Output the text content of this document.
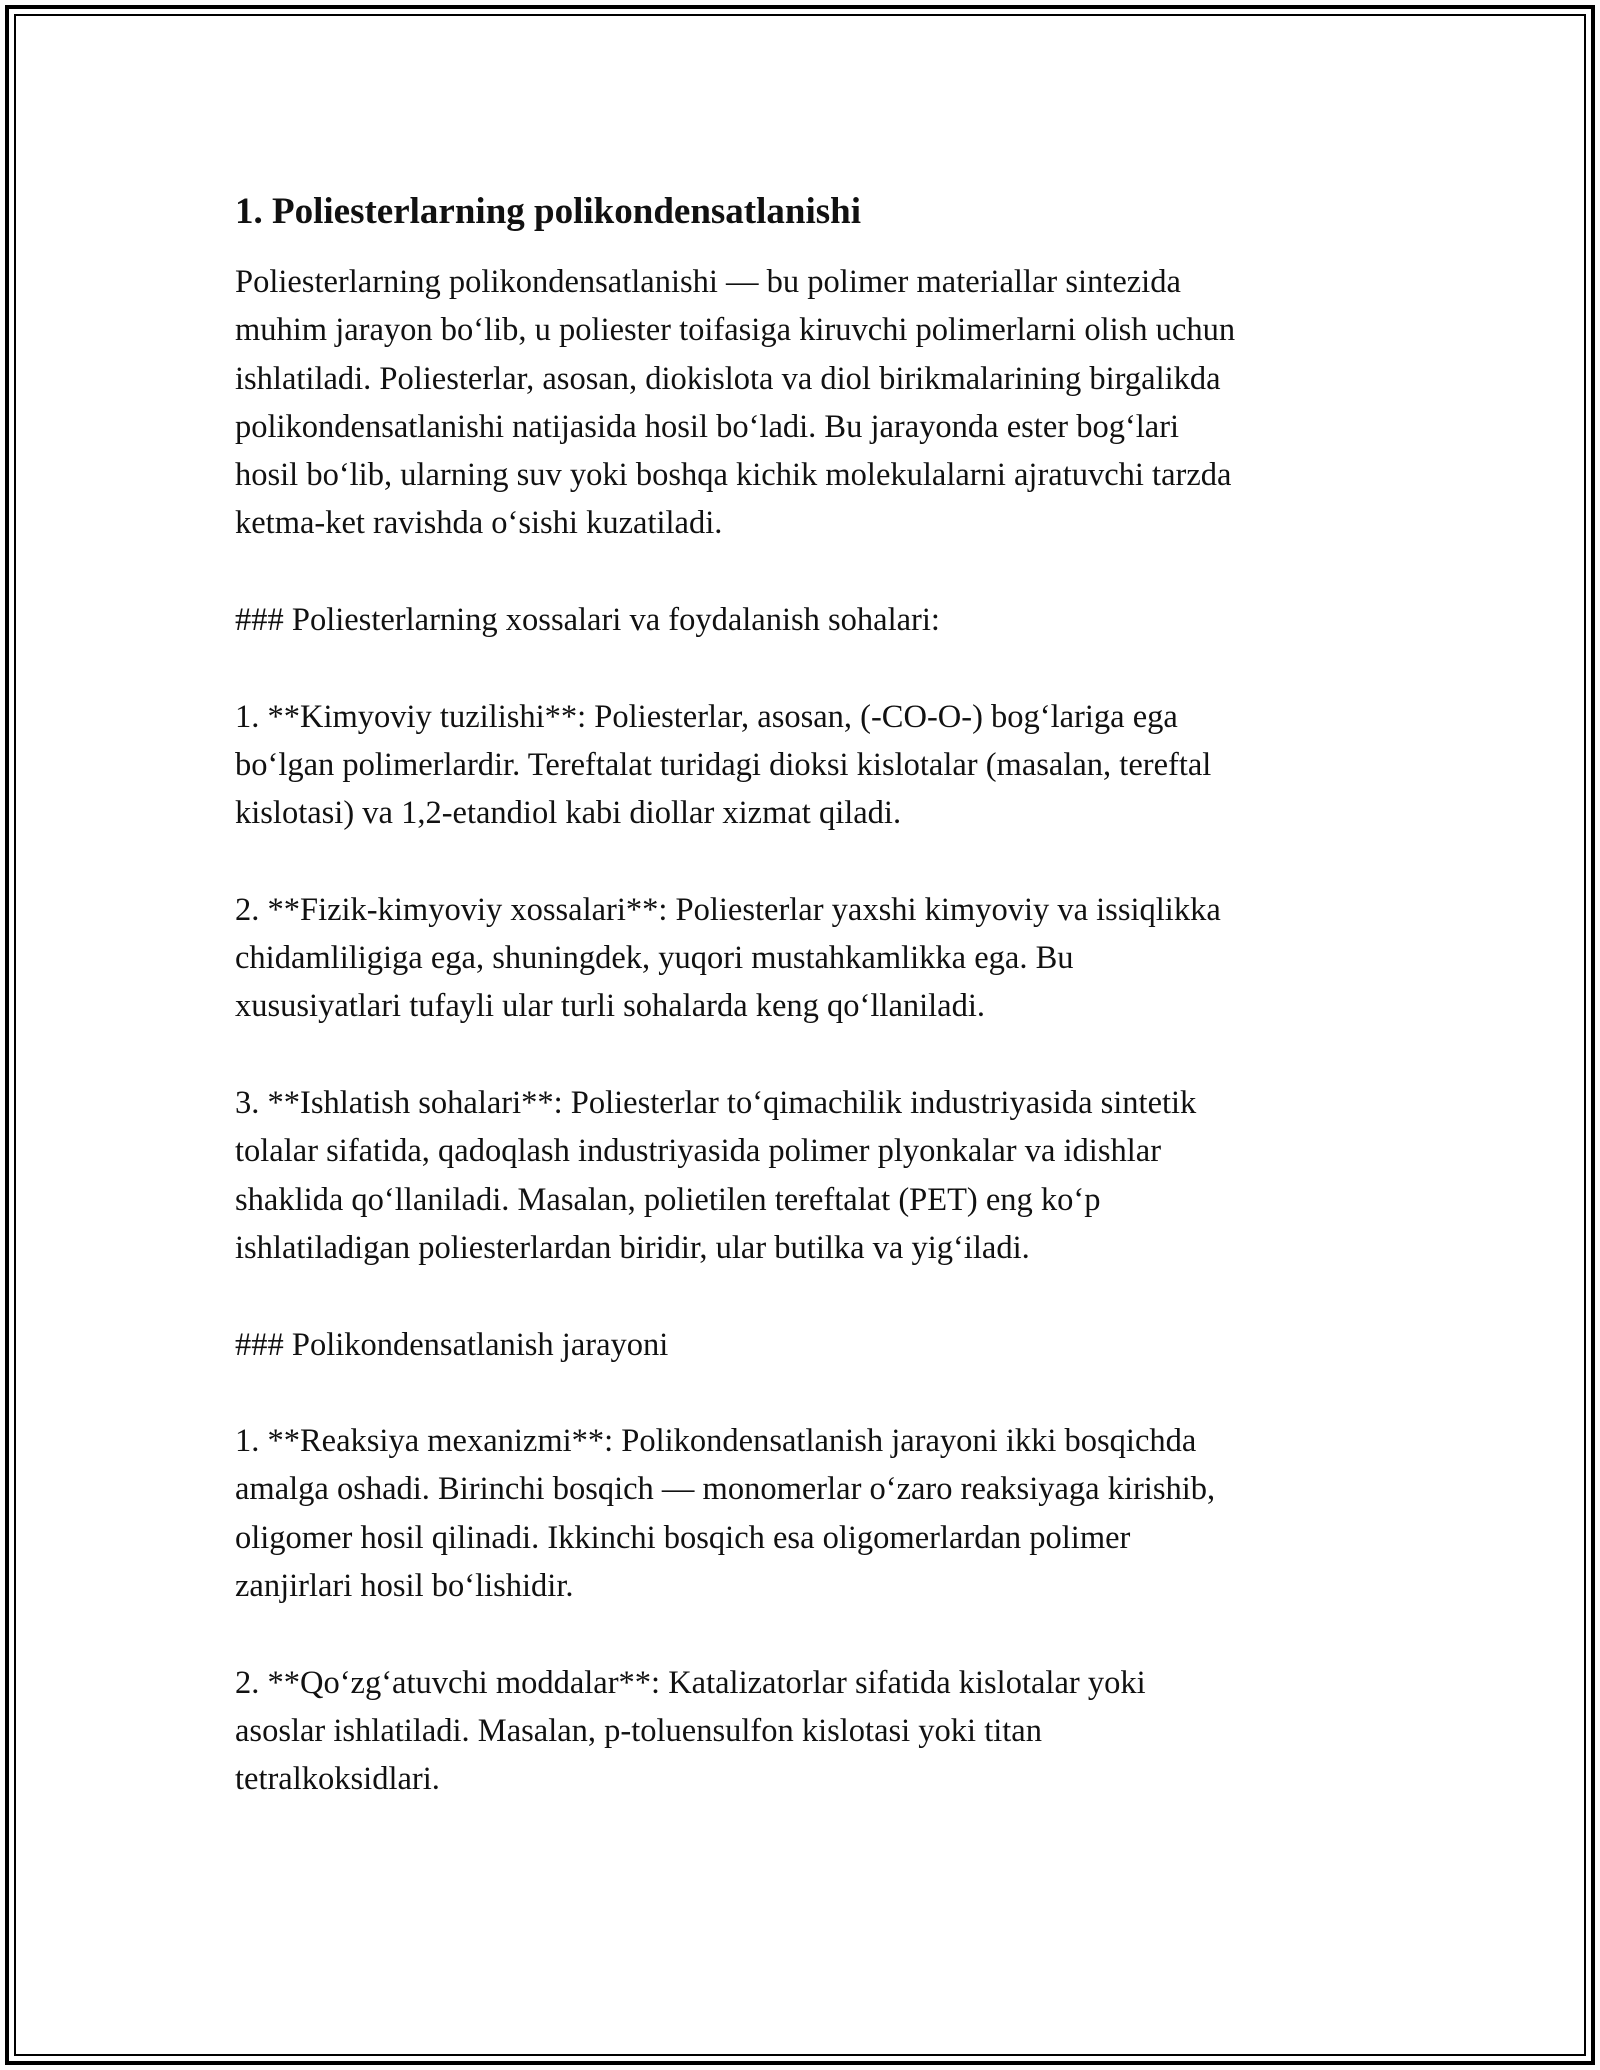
1. Poliesterlarning polikondensatlanishi

Poliesterlarning polikondensatlanishi — bu polimer materiallar sintezida
muhim jarayon bo‘lib, u poliester toifasiga kiruvchi polimerlarni olish uchun
ishlatiladi. Poliesterlar, asosan, diokislota va diol birikmalarining birgalikda
polikondensatlanishi natijasida hosil bo‘ladi. Bu jarayonda ester bog‘lari
hosil bo‘lib, ularning suv yoki boshqa kichik molekulalarni ajratuvchi tarzda
ketma-ket ravishda o‘sishi kuzatiladi.

### Poliesterlarning xossalari va foydalanish sohalari:

1. **Kimyoviy tuzilishi**: Poliesterlar, asosan, (-CO-O-) bog‘lariga ega
bo‘lgan polimerlardir. Tereftalat turidagi dioksi kislotalar (masalan, tereftal
kislotasi) va 1,2-etandiol kabi diollar xizmat qiladi.

2. **Fizik-kimyoviy xossalari**: Poliesterlar yaxshi kimyoviy va issiqlikka
chidamliligiga ega, shuningdek, yuqori mustahkamlikka ega. Bu
xususiyatlari tufayli ular turli sohalarda keng qo‘llaniladi.

3. **Ishlatish sohalari**: Poliesterlar to‘qimachilik industriyasida sintetik
tolalar sifatida, qadoqlash industriyasida polimer plyonkalar va idishlar
shaklida qo‘llaniladi. Masalan, polietilen tereftalat (PET) eng ko‘p
ishlatiladigan poliesterlardan biridir, ular butilka va yig‘iladi.

### Polikondensatlanish jarayoni

1. **Reaksiya mexanizmi**: Polikondensatlanish jarayoni ikki bosqichda
amalga oshadi. Birinchi bosqich — monomerlar o‘zaro reaksiyaga kirishib,
oligomer hosil qilinadi. Ikkinchi bosqich esa oligomerlardan polimer
zanjirlari hosil bo‘lishidir.

2. **Qo‘zg‘atuvchi moddalar**: Katalizatorlar sifatida kislotalar yoki
asoslar ishlatiladi. Masalan, p-toluensulfon kislotasi yoki titan
tetralkoksidlari.
